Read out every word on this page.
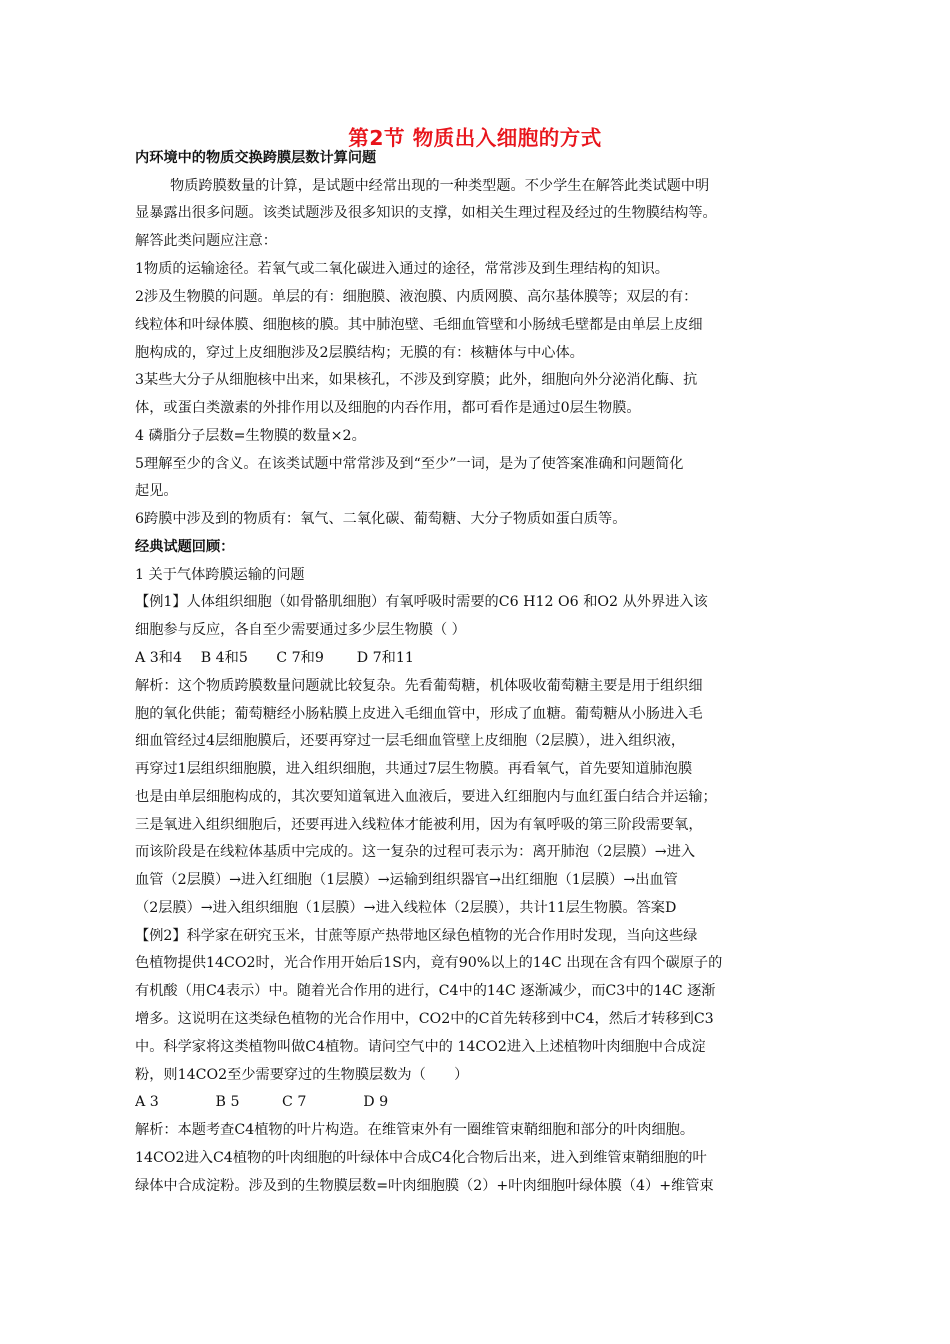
第2节 物质出入细胞的方式
内环境中的物质交换跨膜层数计算问题
物质跨膜数量的计算，是试题中经常出现的一种类型题。不少学生在解答此类试题中明
显暴露出很多问题。该类试题涉及很多知识的支撑，如相关生理过程及经过的生物膜结构等。
解答此类问题应注意：
1物质的运输途径。若氧气或二氧化碳进入通过的途径，常常涉及到生理结构的知识。
2涉及生物膜的问题。单层的有：细胞膜、液泡膜、内质网膜、高尔基体膜等；双层的有：
线粒体和叶绿体膜、细胞核的膜。其中肺泡壁、毛细血管壁和小肠绒毛壁都是由单层上皮细
胞构成的，穿过上皮细胞涉及2层膜结构；无膜的有：核糖体与中心体。
3某些大分子从细胞核中出来，如果核孔，不涉及到穿膜；此外，细胞向外分泌消化酶、抗
体，或蛋白类激素的外排作用以及细胞的内吞作用，都可看作是通过0层生物膜。
4 磷脂分子层数=生物膜的数量×2。
5理解至少的含义。在该类试题中常常涉及到“至少”一词，是为了使答案准确和问题简化
起见。
6跨膜中涉及到的物质有：氧气、二氧化碳、葡萄糖、大分子物质如蛋白质等。
经典试题回顾：
1 关于气体跨膜运输的问题
【例1】人体组织细胞（如骨骼肌细胞）有氧呼吸时需要的C6 H12 O6 和O2 从外界进入该
细胞参与反应，各自至少需要通过多少层生物膜（ ）
A 3和4　 B 4和5　　C 7和9　　 D 7和11
解析：这个物质跨膜数量问题就比较复杂。先看葡萄糖，机体吸收葡萄糖主要是用于组织细
胞的氧化供能；葡萄糖经小肠粘膜上皮进入毛细血管中，形成了血糖。葡萄糖从小肠进入毛
细血管经过4层细胞膜后，还要再穿过一层毛细血管壁上皮细胞（2层膜），进入组织液，
再穿过1层组织细胞膜，进入组织细胞，共通过7层生物膜。再看氧气，首先要知道肺泡膜
也是由单层细胞构成的，其次要知道氧进入血液后，要进入红细胞内与血红蛋白结合并运输；
三是氧进入组织细胞后，还要再进入线粒体才能被利用，因为有氧呼吸的第三阶段需要氧，
而该阶段是在线粒体基质中完成的。这一复杂的过程可表示为：离开肺泡（2层膜）→进入
血管（2层膜）→进入红细胞（1层膜）→运输到组织器官→出红细胞（1层膜）→出血管
（2层膜）→进入组织细胞（1层膜）→进入线粒体（2层膜），共计11层生物膜。答案D
【例2】科学家在研究玉米，甘蔗等原产热带地区绿色植物的光合作用时发现，当向这些绿
色植物提供14CO2时，光合作用开始后1S内，竟有90%以上的14C 出现在含有四个碳原子的
有机酸（用C4表示）中。随着光合作用的进行，C4中的14C 逐渐减少，而C3中的14C 逐渐
增多。这说明在这类绿色植物的光合作用中，CO2中的C首先转移到中C4，然后才转移到C3
中。科学家将这类植物叫做C4植物。请问空气中的 14CO2进入上述植物叶肉细胞中合成淀
粉，则14CO2至少需要穿过的生物膜层数为（　　）
A 3　　　　B 5　　　C 7　　　　D 9
解析：本题考查C4植物的叶片构造。在维管束外有一圈维管束鞘细胞和部分的叶肉细胞。
14CO2进入C4植物的叶肉细胞的叶绿体中合成C4化合物后出来，进入到维管束鞘细胞的叶
绿体中合成淀粉。涉及到的生物膜层数=叶肉细胞膜（2）+叶肉细胞叶绿体膜（4）+维管束
